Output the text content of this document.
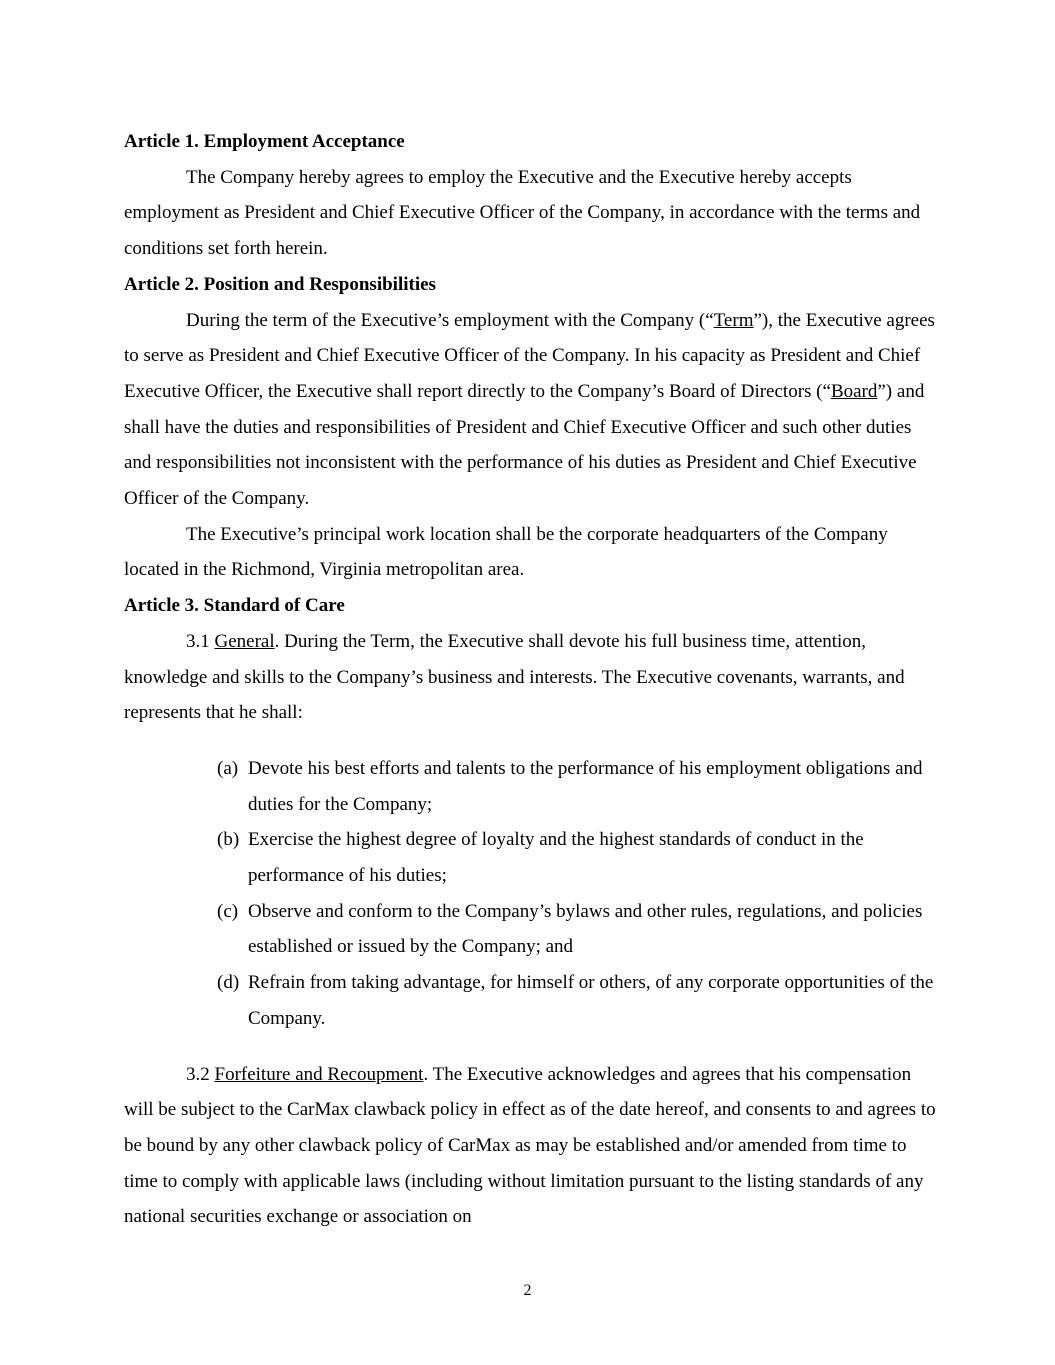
Article 1. Employment Acceptance

The Company hereby agrees to employ the Executive and the Executive hereby accepts employment as President and Chief Executive Officer of the Company, in accordance with the terms and conditions set forth herein.

Article 2. Position and Responsibilities

During the term of the Executive’s employment with the Company (“Term”), the Executive agrees to serve as President and Chief Executive Officer of the Company. In his capacity as President and Chief Executive Officer, the Executive shall report directly to the Company’s Board of Directors (“Board”) and shall have the duties and responsibilities of President and Chief Executive Officer and such other duties and responsibilities not inconsistent with the performance of his duties as President and Chief Executive Officer of the Company.

The Executive’s principal work location shall be the corporate headquarters of the Company located in the Richmond, Virginia metropolitan area.

Article 3. Standard of Care

3.1 General. During the Term, the Executive shall devote his full business time, attention, knowledge and skills to the Company’s business and interests. The Executive covenants, warrants, and represents that he shall:

(a) Devote his best efforts and talents to the performance of his employment obligations and duties for the Company;

(b) Exercise the highest degree of loyalty and the highest standards of conduct in the performance of his duties;

(c) Observe and conform to the Company’s bylaws and other rules, regulations, and policies established or issued by the Company; and

(d) Refrain from taking advantage, for himself or others, of any corporate opportunities of the Company.

3.2 Forfeiture and Recoupment. The Executive acknowledges and agrees that his compensation will be subject to the CarMax clawback policy in effect as of the date hereof, and consents to and agrees to be bound by any other clawback policy of CarMax as may be established and/or amended from time to time to comply with applicable laws (including without limitation pursuant to the listing standards of any national securities exchange or association on

2
